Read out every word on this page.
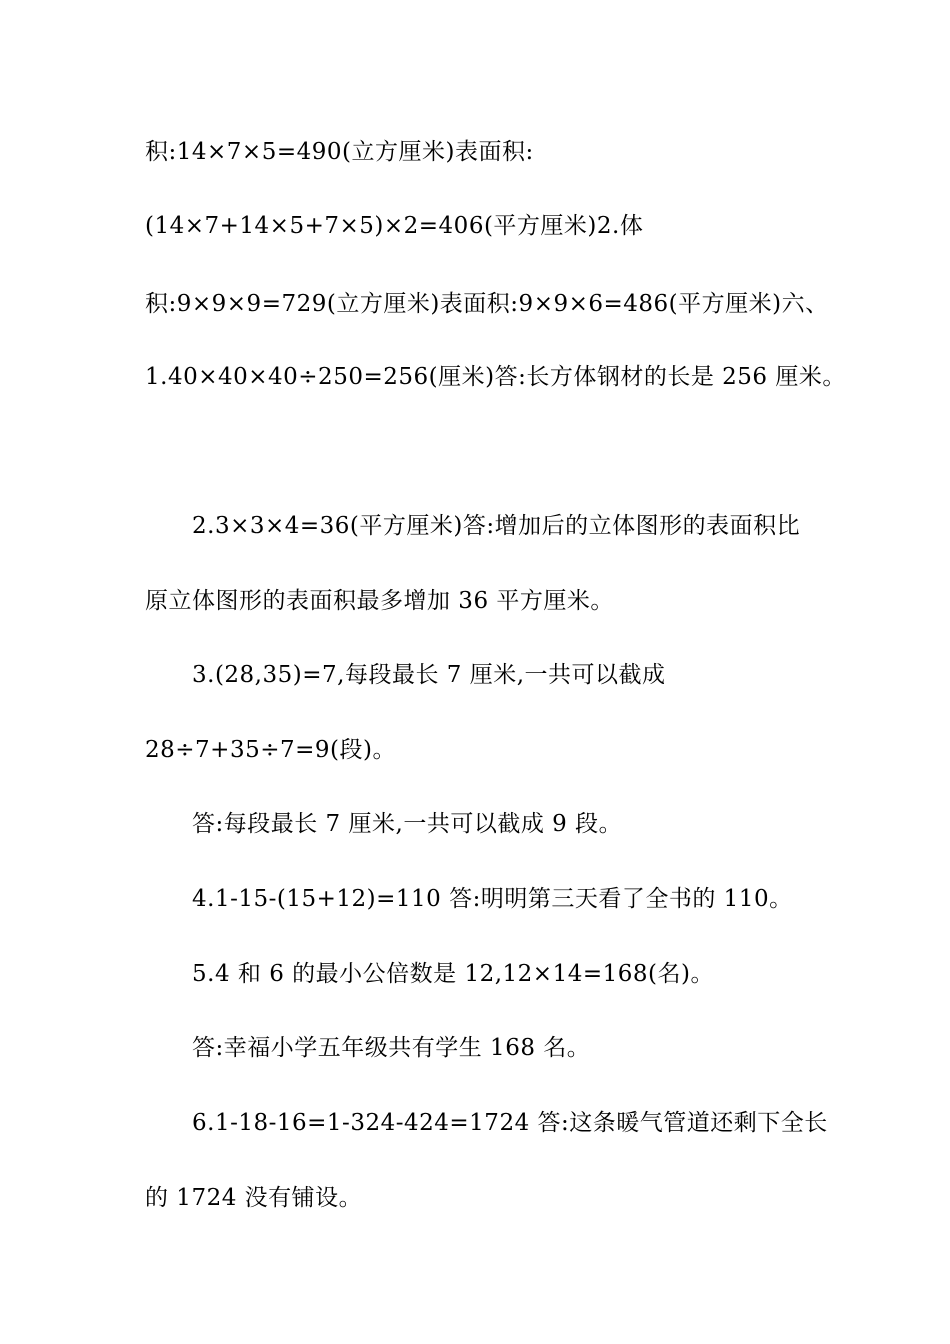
积:14×7×5=490(立方厘米)表面积:
(14×7+14×5+7×5)×2=406(平方厘米)2.体
积:9×9×9=729(立方厘米)表面积:9×9×6=486(平方厘米)六、
1.40×40×40÷250=256(厘米)答:长方体钢材的长是 256 厘米。
2.3×3×4=36(平方厘米)答:增加后的立体图形的表面积比
原立体图形的表面积最多增加 36 平方厘米。
3.(28,35)=7,每段最长 7 厘米,一共可以截成
28÷7+35÷7=9(段)。
答:每段最长 7 厘米,一共可以截成 9 段。
4.1-15-(15+12)=110 答:明明第三天看了全书的 110。
5.4 和 6 的最小公倍数是 12,12×14=168(名)。
答:幸福小学五年级共有学生 168 名。
6.1-18-16=1-324-424=1724 答:这条暖气管道还剩下全长
的 1724 没有铺设。
